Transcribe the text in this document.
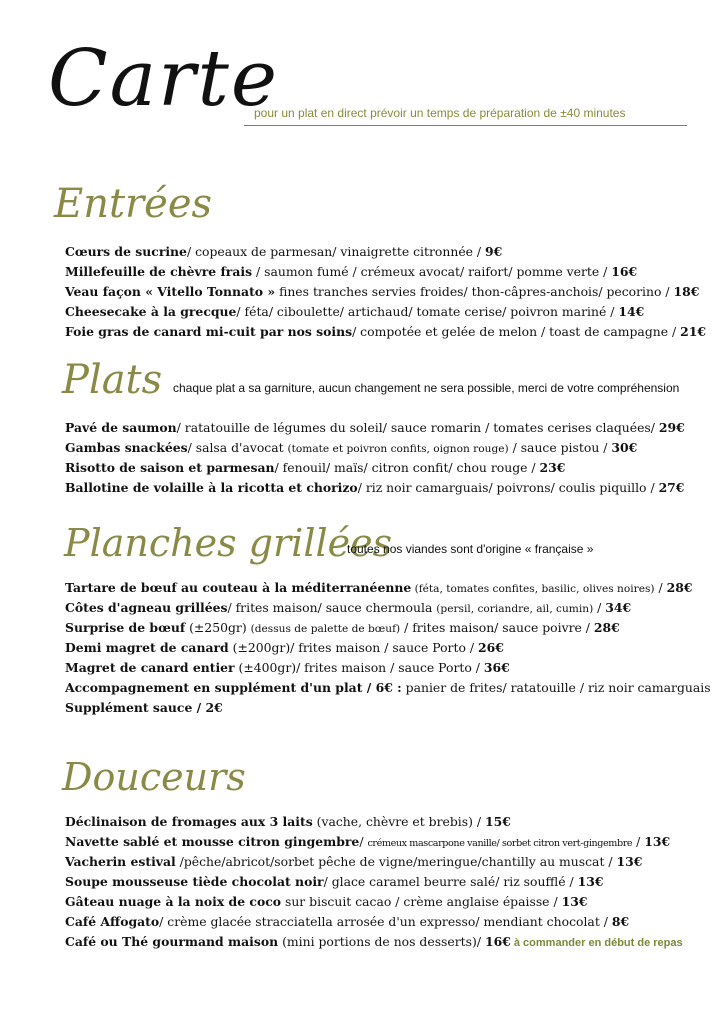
Carte
pour un plat en direct prévoir un temps de préparation de ±40 minutes
Entrées
Cœurs de sucrine/ copeaux de parmesan/ vinaigrette citronnée / 9€
Millefeuille de chèvre frais / saumon fumé / crémeux avocat/ raifort/ pomme verte / 16€
Veau façon « Vitello Tonnato » fines tranches servies froides/ thon-câpres-anchois/ pecorino / 18€
Cheesecake à la grecque/ féta/ ciboulette/ artichaud/ tomate cerise/ poivron mariné / 14€
Foie gras de canard mi-cuit par nos soins/ compotée et gelée de melon / toast de campagne / 21€
Plats chaque plat a sa garniture, aucun changement ne sera possible, merci de votre compréhension
Pavé de saumon/ ratatouille de légumes du soleil/ sauce romarin / tomates cerises claquées/ 29€
Gambas snackées/ salsa d'avocat (tomate et poivron confits, oignon rouge) / sauce pistou / 30€
Risotto de saison et parmesan/ fenouil/ maïs/ citron confit/ chou rouge / 23€
Ballotine de volaille à la ricotta et chorizo/ riz noir camarguais/ poivrons/ coulis piquillo / 27€
Planches grillées
toutes nos viandes sont d'origine « française »
Tartare de bœuf au couteau à la méditerranéenne (féta, tomates confites, basilic, olives noires) / 28€
Côtes d'agneau grillées/ frites maison/ sauce chermoula (persil, coriandre, ail, cumin) / 34€
Surprise de bœuf (±250gr) (dessus de palette de bœuf) / frites maison/ sauce poivre / 28€
Demi magret de canard (±200gr)/ frites maison / sauce Porto / 26€
Magret de canard entier (±400gr)/ frites maison / sauce Porto / 36€
Accompagnement en supplément d'un plat / 6€ : panier de frites/ ratatouille / riz noir camarguais
Supplément sauce / 2€
Douceurs
Déclinaison de fromages aux 3 laits (vache, chèvre et brebis) / 15€
Navette sablé et mousse citron gingembre/ crémeux mascarpone vanille/ sorbet citron vert-gingembre / 13€
Vacherin estival /pêche/abricot/sorbet pêche de vigne/meringue/chantilly au muscat / 13€
Soupe mousseuse tiède chocolat noir/ glace caramel beurre salé/ riz soufflé / 13€
Gâteau nuage à la noix de coco sur biscuit cacao / crème anglaise épaisse / 13€
Café Affogato/ crème glacée stracciatella arrosée d'un expresso/ mendiant chocolat / 8€
Café ou Thé gourmand maison (mini portions de nos desserts)/ 16€ à commander en début de repas
